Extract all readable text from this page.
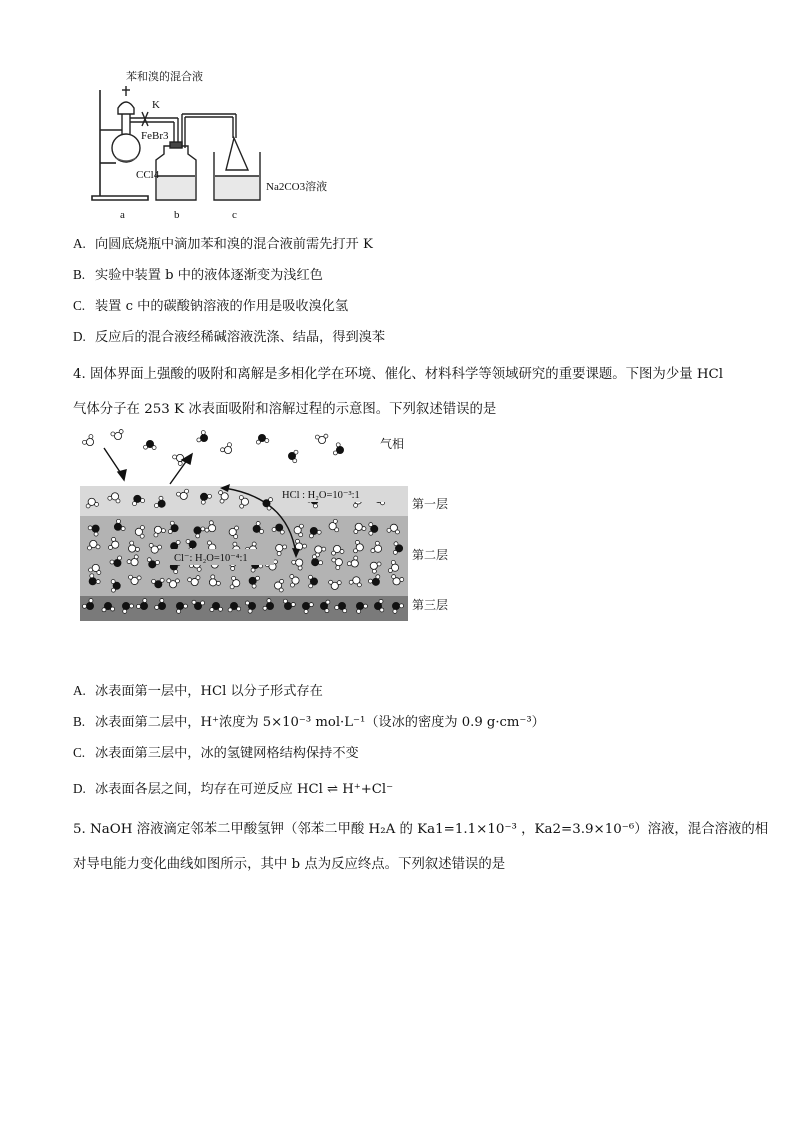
苯和溴的混合液
K
FeBr3
CCl4
Na2CO3溶液
a	b	c
A. 向圆底烧瓶中滴加苯和溴的混合液前需先打开 K
B. 实验中装置 b 中的液体逐渐变为浅红色
C. 装置 c 中的碳酸钠溶液的作用是吸收溴化氢
D. 反应后的混合液经稀碱溶液洗涤、结晶，得到溴苯
4. 固体界面上强酸的吸附和离解是多相化学在环境、催化、材料科学等领域研究的重要课题。下图为少量 HCl
气体分子在 253 K 冰表面吸附和溶解过程的示意图。下列叙述错误的是
HCl : H₂O=10⁻³:1
Cl⁻: H₂O=10⁻⁴:1
气相
第一层
第二层
第三层
A. 冰表面第一层中，HCl 以分子形式存在
B. 冰表面第二层中，H⁺浓度为 5×10⁻³ mol·L⁻¹（设冰的密度为 0.9 g·cm⁻³）
C. 冰表面第三层中，冰的氢键网格结构保持不变
D. 冰表面各层之间，均存在可逆反应 HCl ⇌ H⁺+Cl⁻
5. NaOH 溶液滴定邻苯二甲酸氢钾（邻苯二甲酸 H₂A 的 Ka1=1.1×10⁻³ ，Ka2=3.9×10⁻⁶）溶液，混合溶液的相
对导电能力变化曲线如图所示，其中 b 点为反应终点。下列叙述错误的是
